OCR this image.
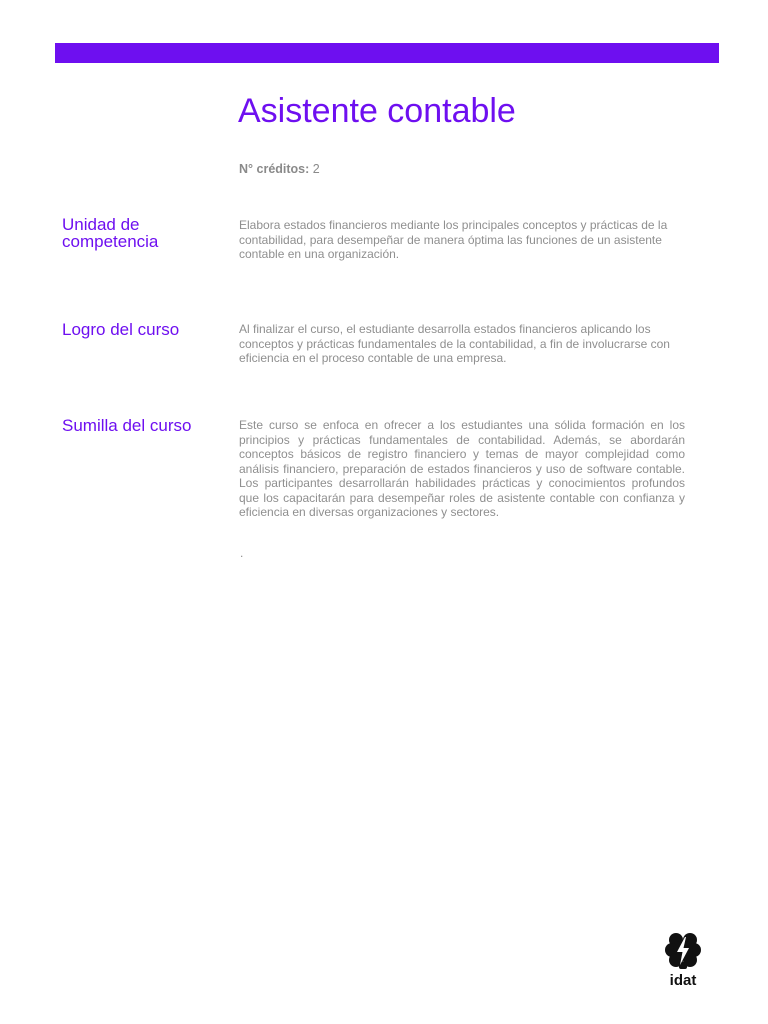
Asistente contable
N° créditos: 2
Unidad de competencia
Elabora estados financieros mediante los principales conceptos y prácticas de la contabilidad, para desempeñar de manera óptima las funciones de un asistente contable en una organización.
Logro del curso	Al finalizar el curso, el estudiante desarrolla estados financieros aplicando los conceptos y prácticas fundamentales de la contabilidad, a fin de involucrarse con eficiencia en el proceso contable de una empresa.
Sumilla del curso	Este curso se enfoca en ofrecer a los estudiantes una sólida formación en los principios y prácticas fundamentales de contabilidad. Además, se abordarán conceptos básicos de registro financiero y temas de mayor complejidad como análisis financiero, preparación de estados financieros y uso de software contable. Los participantes desarrollarán habilidades prácticas y conocimientos profundos que los capacitarán para desempeñar roles de asistente contable con confianza y eficiencia en diversas organizaciones y sectores.
.
idat
